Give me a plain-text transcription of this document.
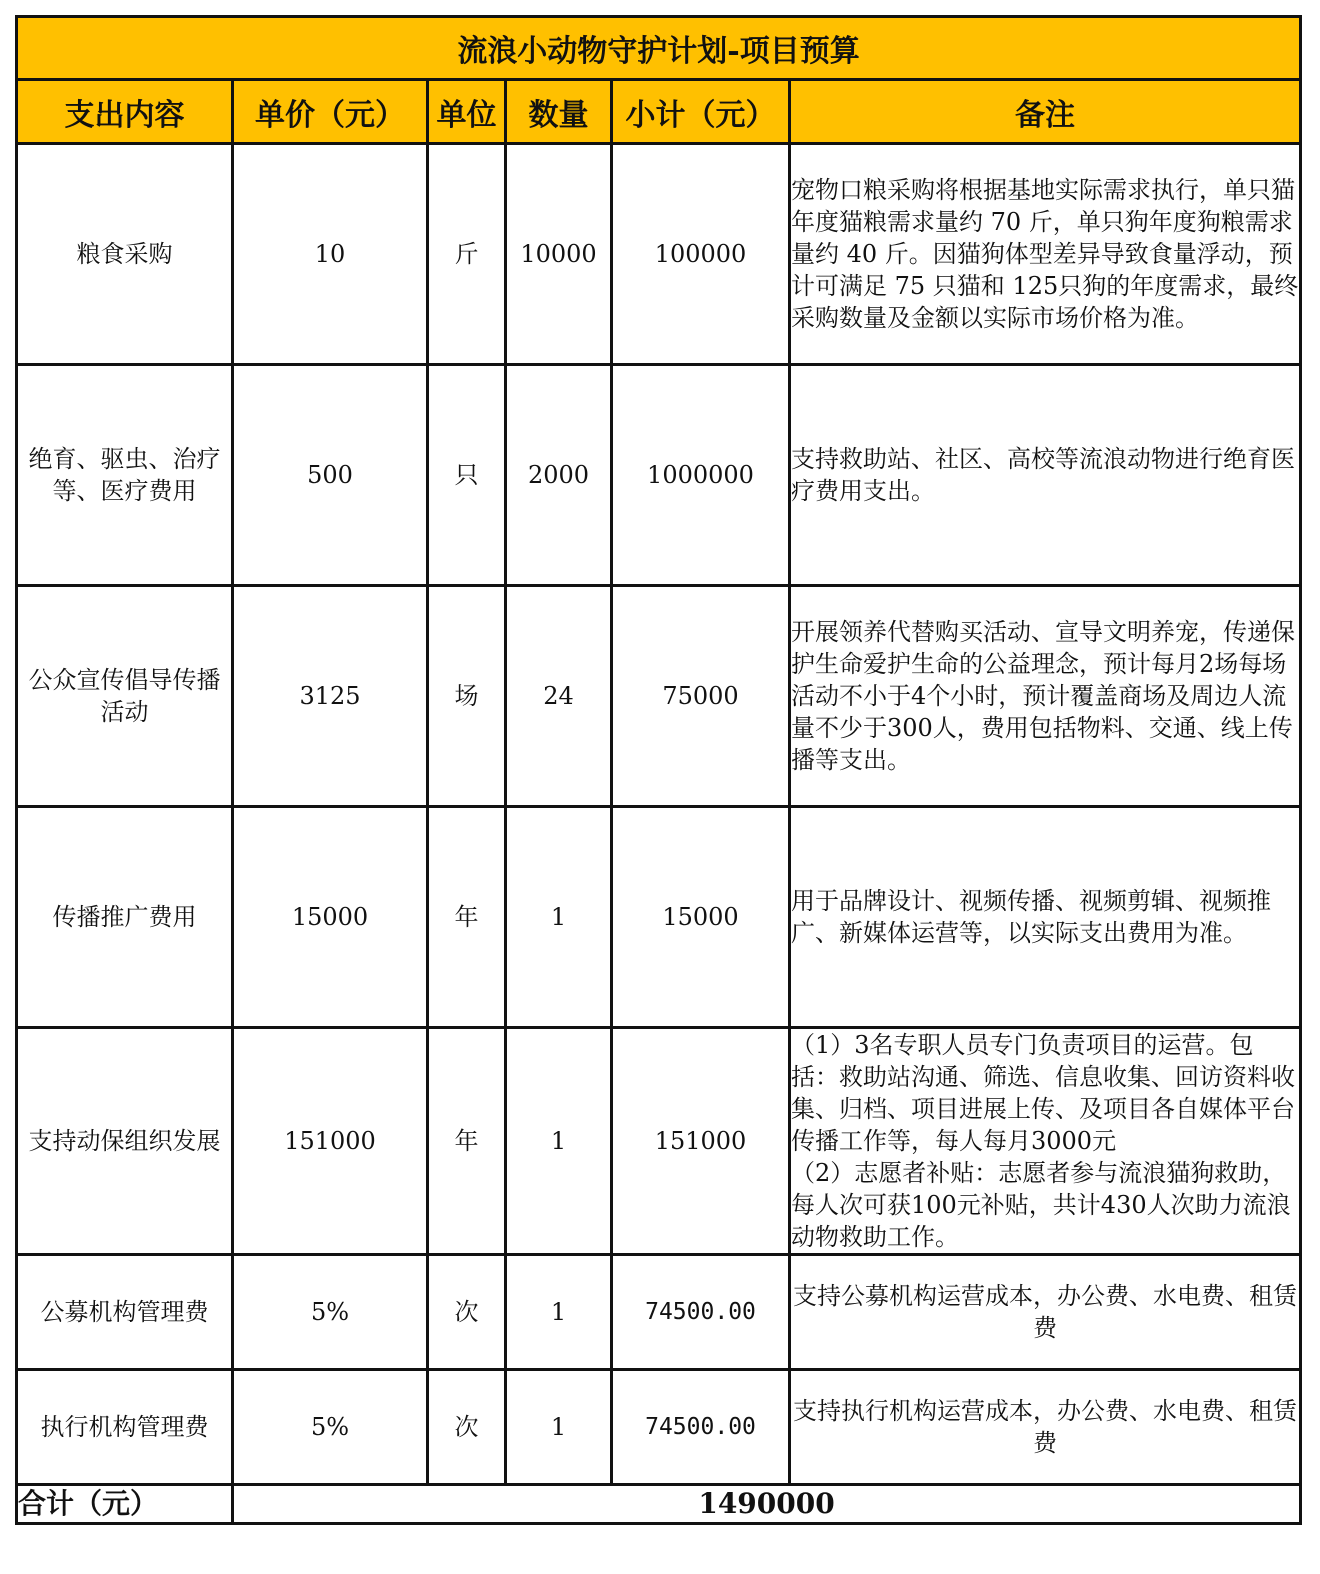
流浪小动物守护计划-项目预算					
支出内容	单价（元）	单位	数量	小计（元）	备注
粮食采购	10	斤	10000	100000	宠物口粮采购将根据基地实际需求执行，单只猫年度猫粮需求量约 70 斤，单只狗年度狗粮需求量约 40 斤。因猫狗体型差异导致食量浮动，预计可满足 75 只猫和 125只狗的年度需求，最终采购数量及金额以实际市场价格为准。
绝育、驱虫、治疗等、医疗费用	500	只	2000	1000000	支持救助站、社区、高校等流浪动物进行绝育医疗费用支出。
公众宣传倡导传播活动	3125	场	24	75000	开展领养代替购买活动、宣导文明养宠，传递保护生命爱护生命的公益理念，预计每月2场每场活动不小于4个小时，预计覆盖商场及周边人流量不少于300人，费用包括物料、交通、线上传播等支出。
传播推广费用	15000	年	1	15000	用于品牌设计、视频传播、视频剪辑、视频推广、新媒体运营等，以实际支出费用为准。
支持动保组织发展	151000	年	1	151000	（1）3名专职人员专门负责项目的运营。包括：救助站沟通、筛选、信息收集、回访资料收集、归档、项目进展上传、及项目各自媒体平台传播工作等，每人每月3000元

（2）志愿者补贴：志愿者参与流浪猫狗救助，每人次可获100元补贴，共计430人次助力流浪动物救助工作。

公募机构管理费	5%	次	1	74500.00	支持公募机构运营成本，办公费、水电费、租赁费
执行机构管理费	5%	次	1	74500.00	支持执行机构运营成本，办公费、水电费、租赁费
合计（元）	1490000				
